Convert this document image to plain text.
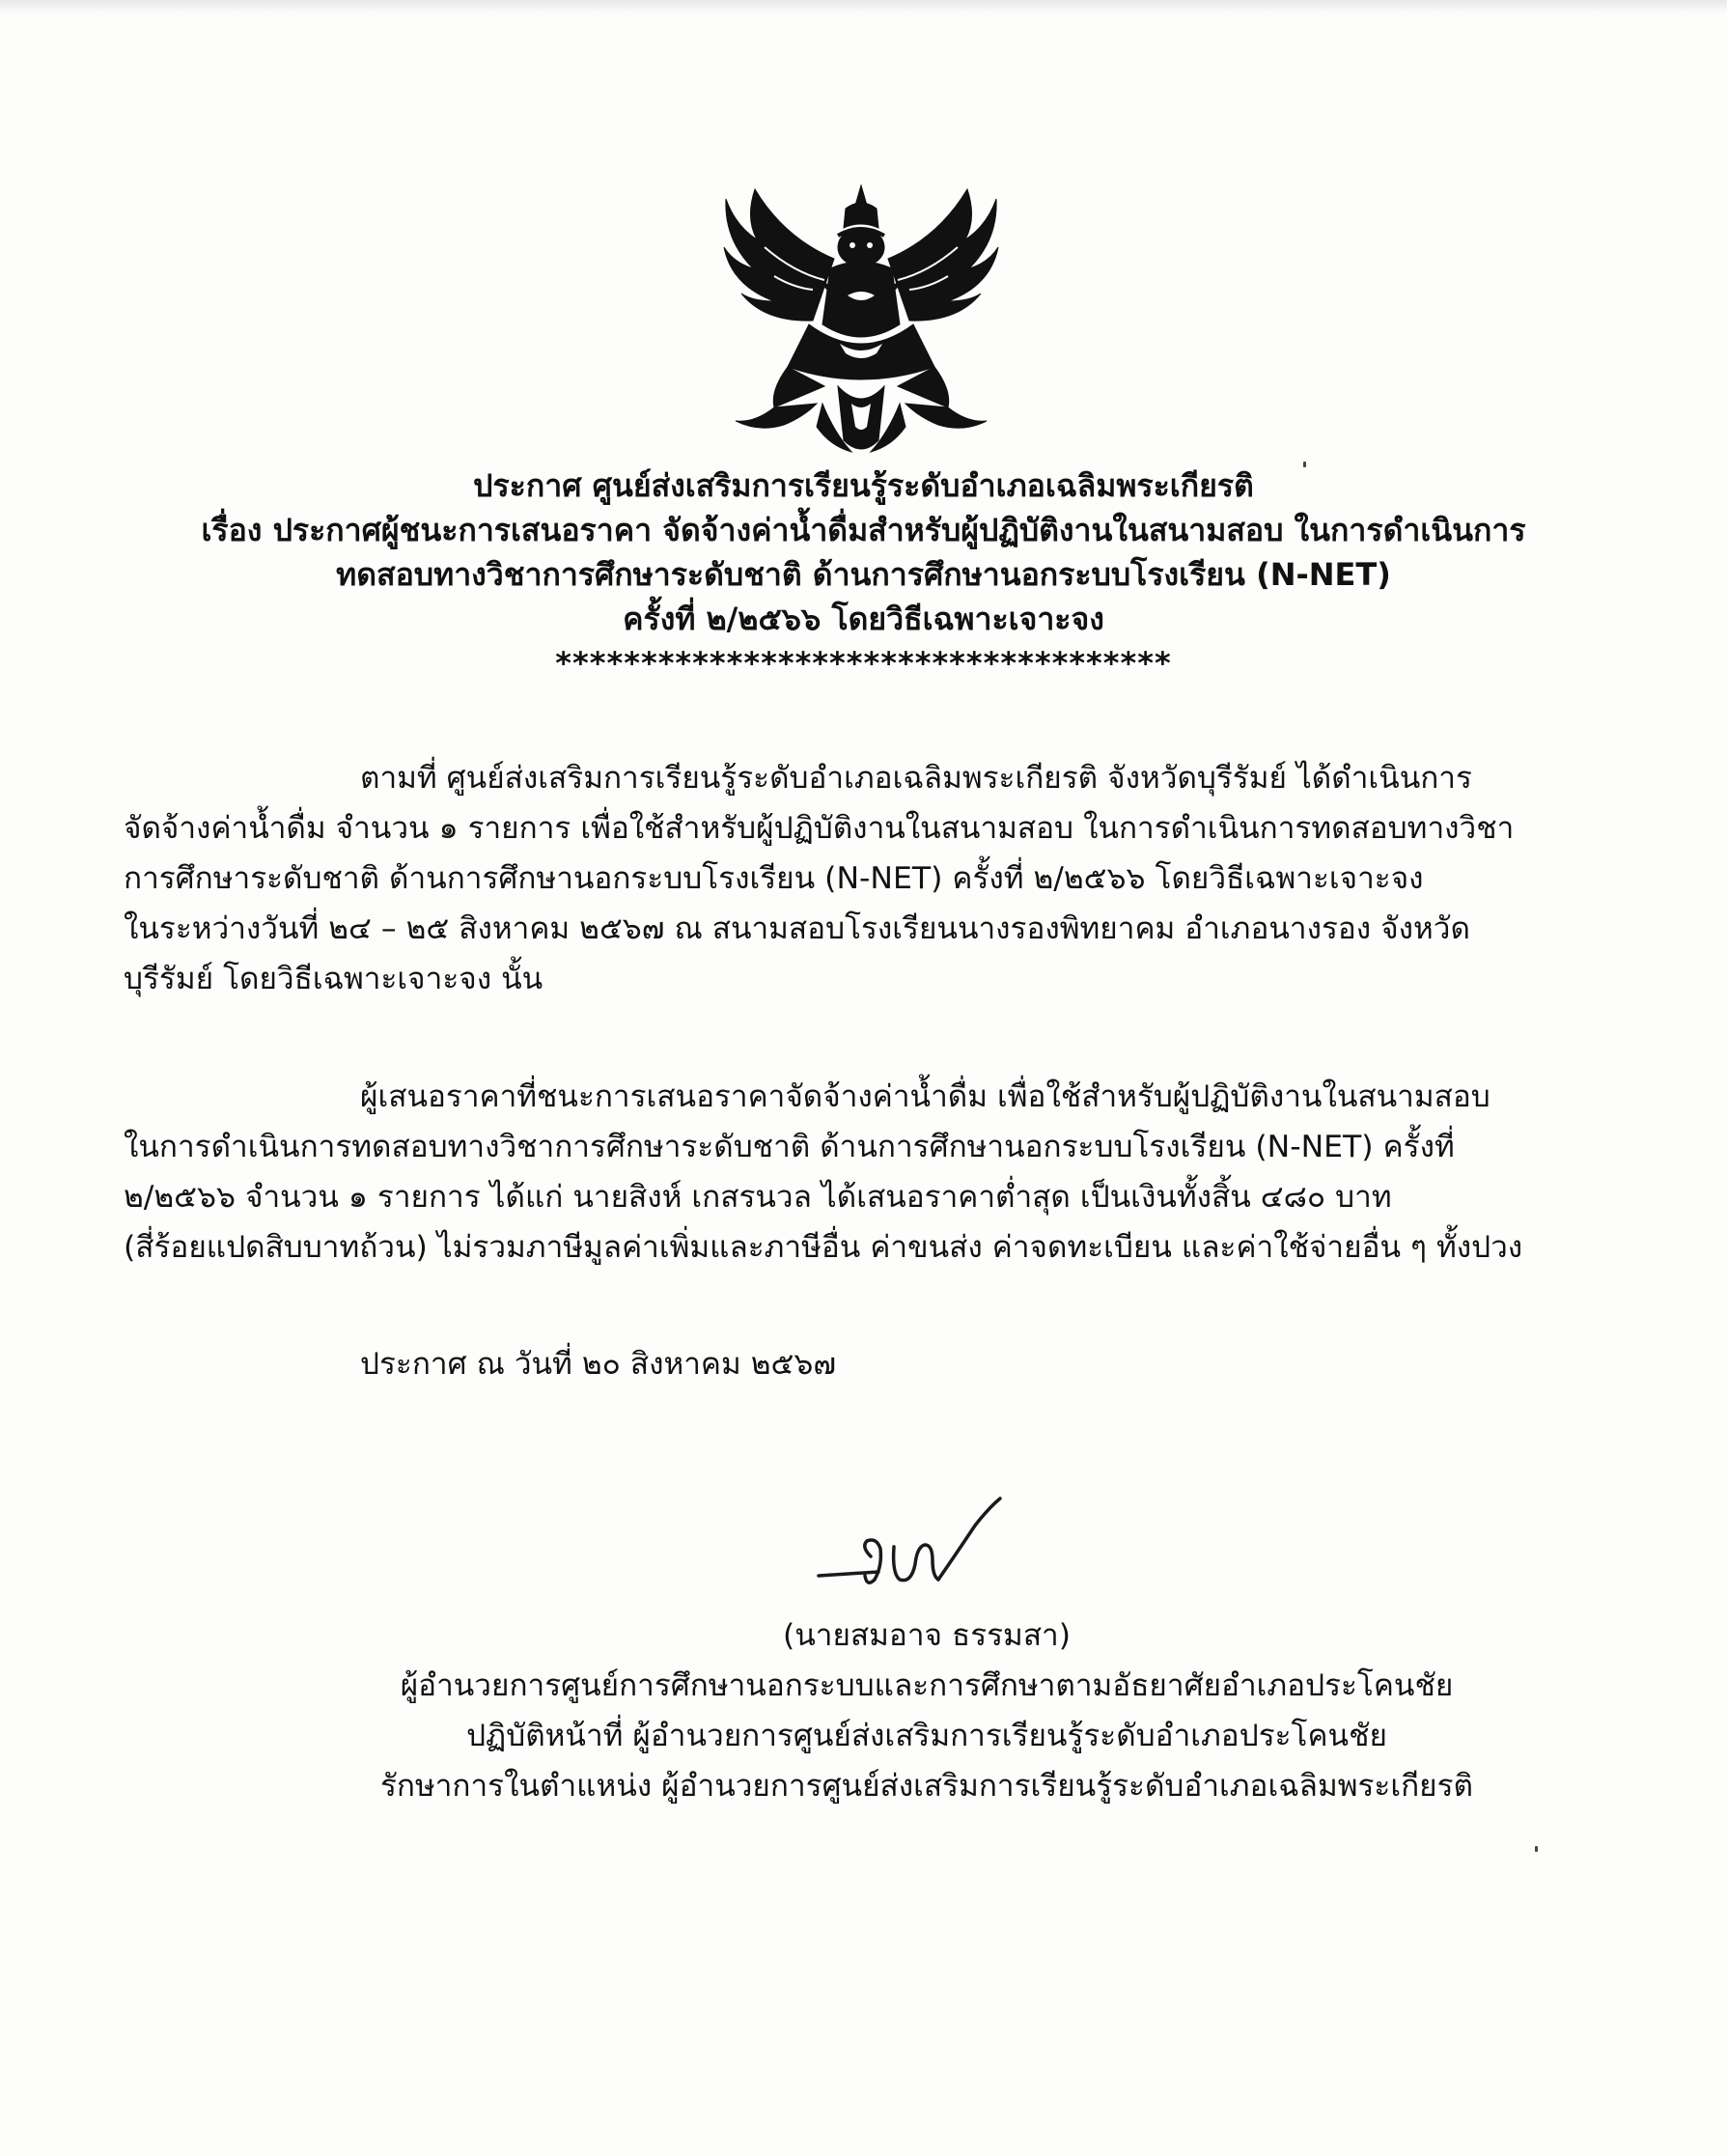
ประกาศ ศูนย์ส่งเสริมการเรียนรู้ระดับอำเภอเฉลิมพระเกียรติ
เรื่อง ประกาศผู้ชนะการเสนอราคา จัดจ้างค่าน้ำดื่มสำหรับผู้ปฏิบัติงานในสนามสอบ ในการดำเนินการ
ทดสอบทางวิชาการศึกษาระดับชาติ ด้านการศึกษานอกระบบโรงเรียน (N-NET)
ครั้งที่ ๒/๒๕๖๖ โดยวิธีเฉพาะเจาะจง
************************************
ตามที่ ศูนย์ส่งเสริมการเรียนรู้ระดับอำเภอเฉลิมพระเกียรติ จังหวัดบุรีรัมย์ ได้ดำเนินการ
จัดจ้างค่าน้ำดื่ม จำนวน ๑ รายการ เพื่อใช้สำหรับผู้ปฏิบัติงานในสนามสอบ ในการดำเนินการทดสอบทางวิชา
การศึกษาระดับชาติ ด้านการศึกษานอกระบบโรงเรียน (N-NET) ครั้งที่ ๒/๒๕๖๖ โดยวิธีเฉพาะเจาะจง
ในระหว่างวันที่ ๒๔ – ๒๕ สิงหาคม ๒๕๖๗ ณ สนามสอบโรงเรียนนางรองพิทยาคม อำเภอนางรอง จังหวัด
บุรีรัมย์ โดยวิธีเฉพาะเจาะจง นั้น
ผู้เสนอราคาที่ชนะการเสนอราคาจัดจ้างค่าน้ำดื่ม เพื่อใช้สำหรับผู้ปฏิบัติงานในสนามสอบ
ในการดำเนินการทดสอบทางวิชาการศึกษาระดับชาติ ด้านการศึกษานอกระบบโรงเรียน (N-NET) ครั้งที่
๒/๒๕๖๖ จำนวน ๑ รายการ ได้แก่ นายสิงห์ เกสรนวล ได้เสนอราคาต่ำสุด เป็นเงินทั้งสิ้น ๔๘๐ บาท
(สี่ร้อยแปดสิบบาทถ้วน) ไม่รวมภาษีมูลค่าเพิ่มและภาษีอื่น ค่าขนส่ง ค่าจดทะเบียน และค่าใช้จ่ายอื่น ๆ ทั้งปวง
ประกาศ ณ วันที่ ๒๐ สิงหาคม ๒๕๖๗
(นายสมอาจ ธรรมสา)
ผู้อำนวยการศูนย์การศึกษานอกระบบและการศึกษาตามอัธยาศัยอำเภอประโคนชัย
ปฏิบัติหน้าที่ ผู้อำนวยการศูนย์ส่งเสริมการเรียนรู้ระดับอำเภอประโคนชัย
รักษาการในตำแหน่ง ผู้อำนวยการศูนย์ส่งเสริมการเรียนรู้ระดับอำเภอเฉลิมพระเกียรติ
